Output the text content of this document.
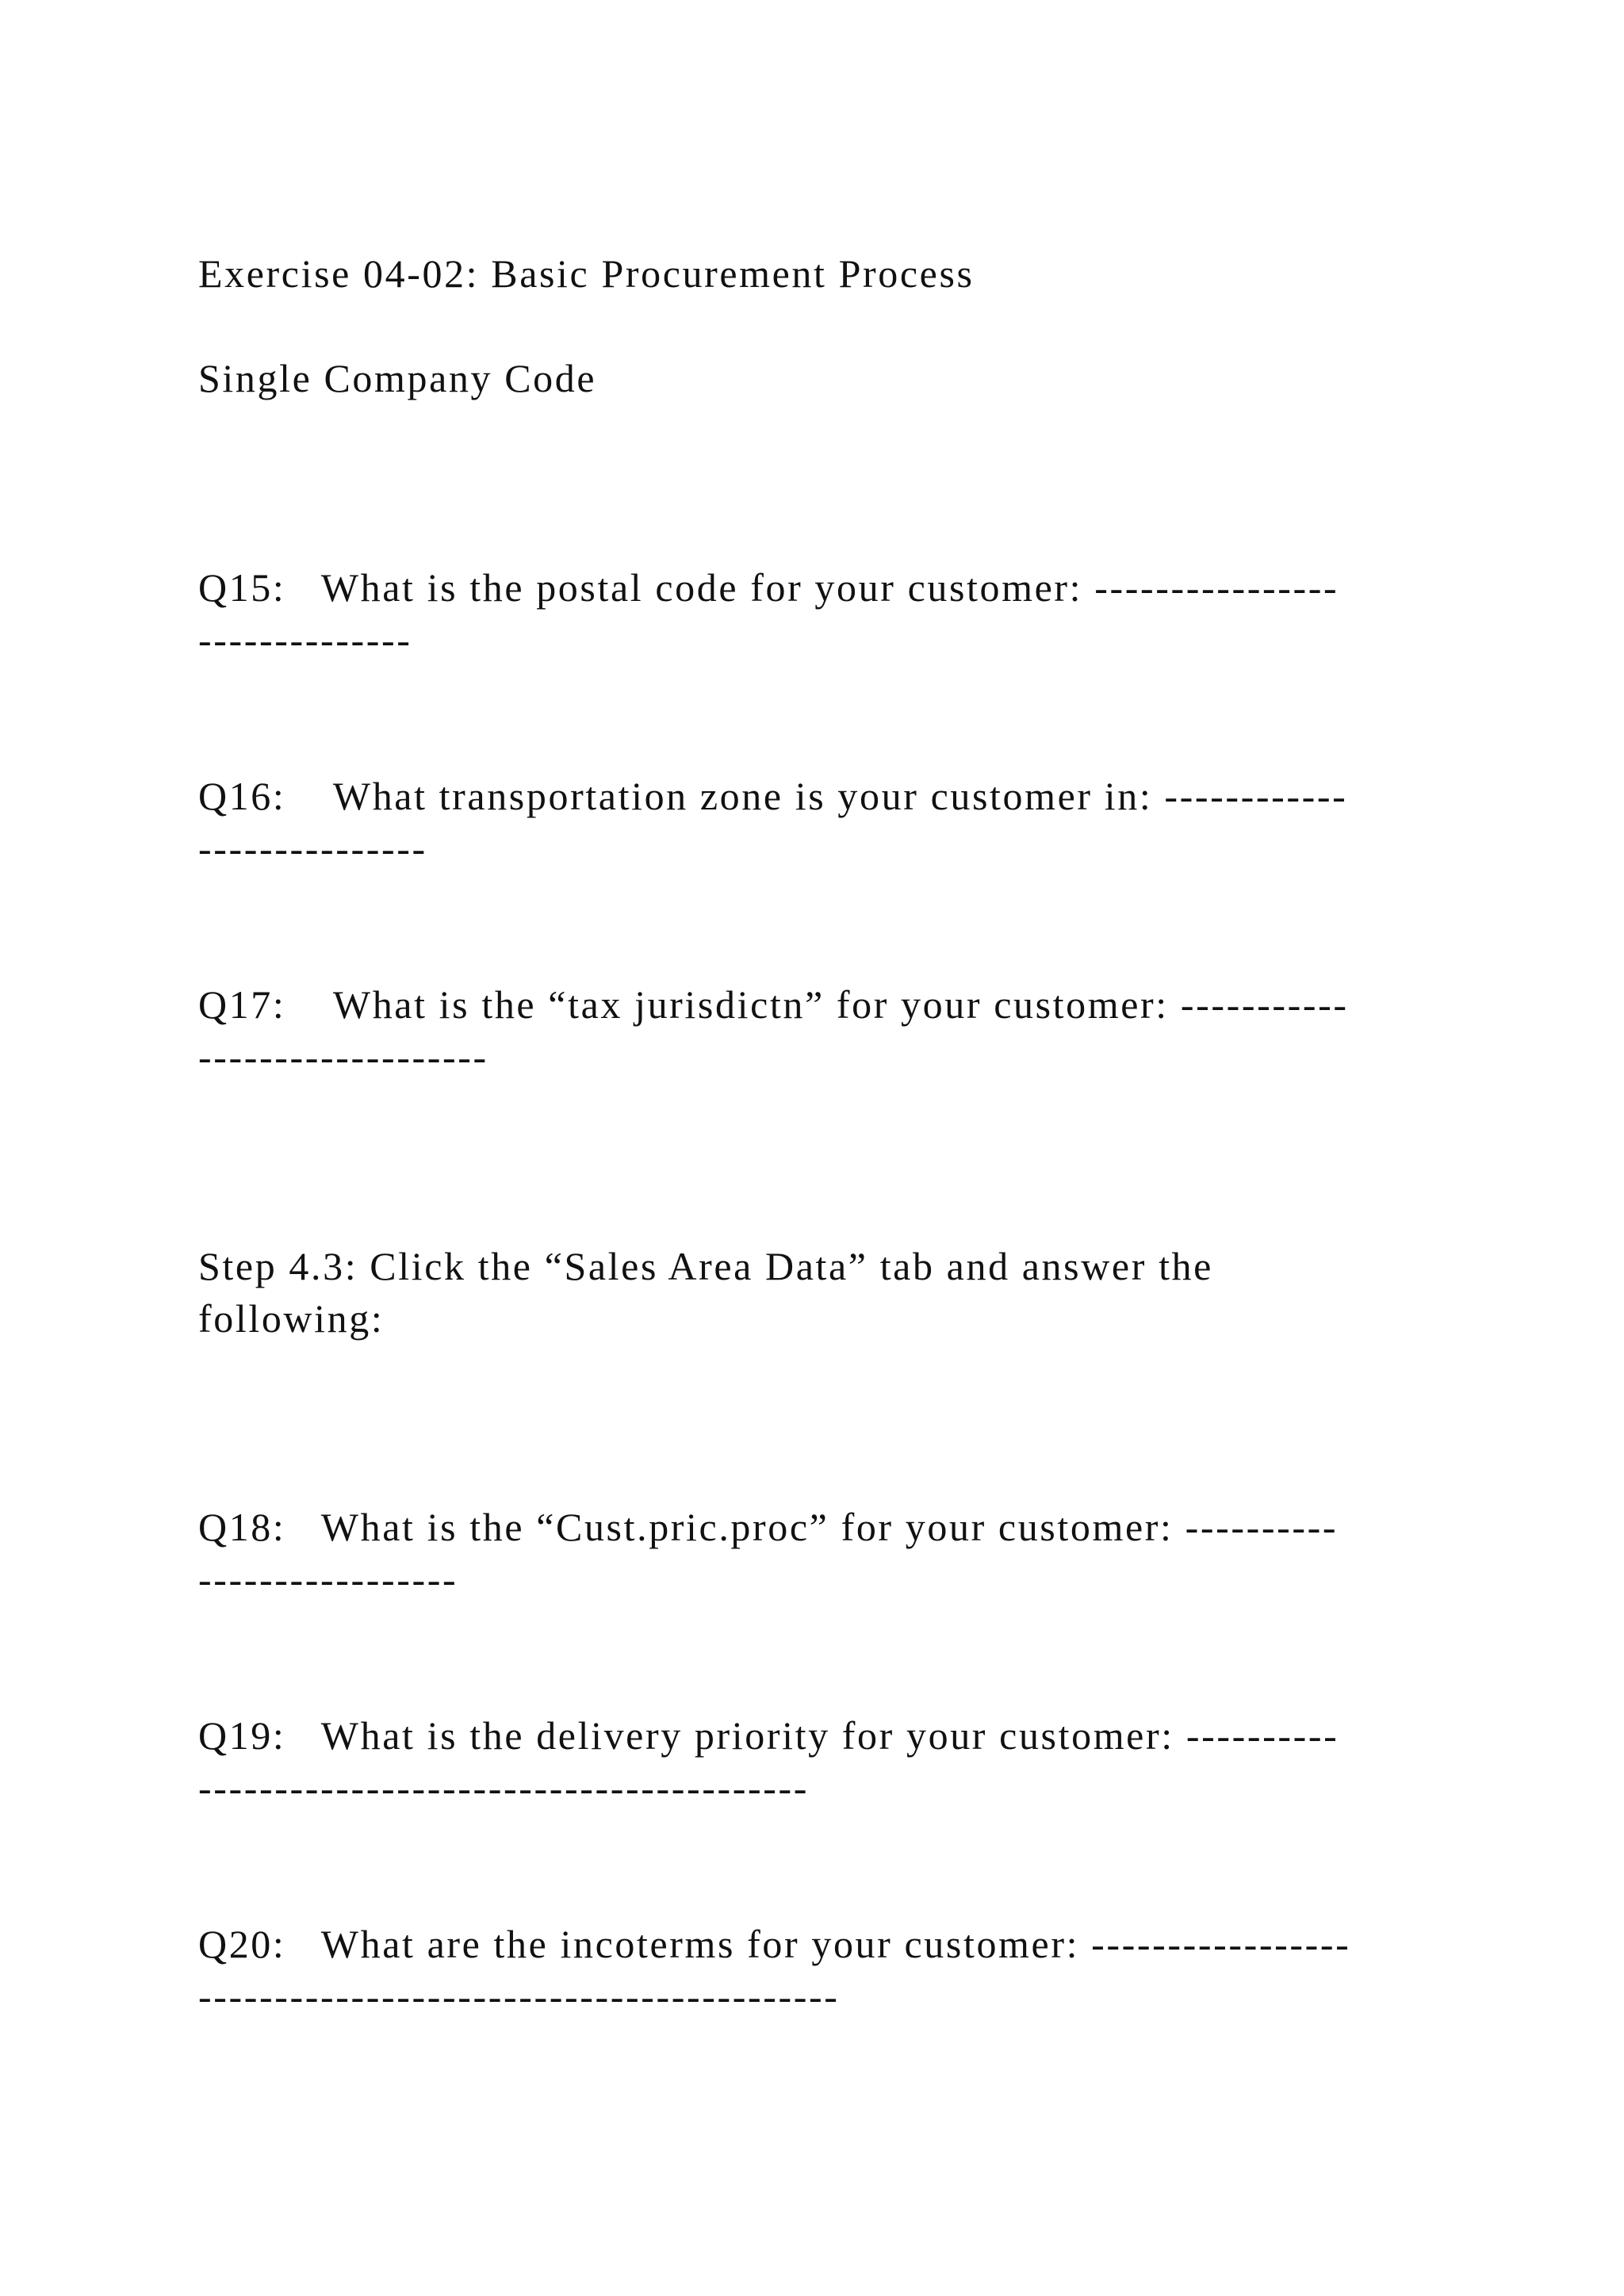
Exercise 04-02: Basic Procurement Process

Single Company Code

Q15:   What is the postal code for your customer: ----------------

--------------

Q16:    What transportation zone is your customer in: ------------

---------------

Q17:    What is the “tax jurisdictn” for your customer: -----------

-------------------

Step 4.3: Click the “Sales Area Data” tab and answer the

following:

Q18:   What is the “Cust.pric.proc” for your customer: ----------

-----------------

Q19:   What is the delivery priority for your customer: ----------

----------------------------------------

Q20:   What are the incoterms for your customer: -----------------

------------------------------------------
